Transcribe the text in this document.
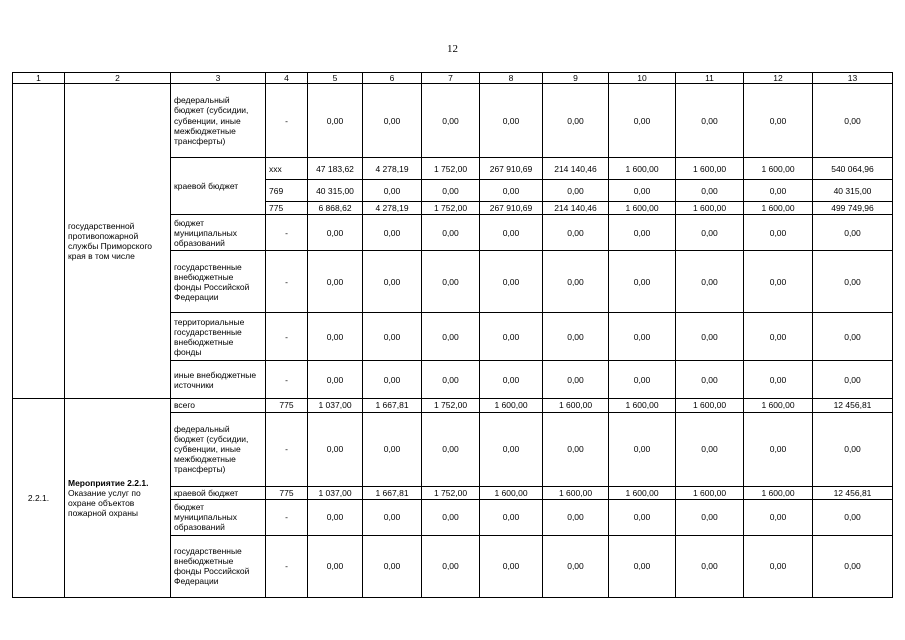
12
1	2	3	4	5	6	7	8	9	10	11	12	13
	государственной противопожарной службы Приморского края в том числе	федеральный бюджет (субсидии, субвенции, иные межбюджетные трансферты)	-	0,00	0,00	0,00	0,00	0,00	0,00	0,00	0,00	0,00
		краевой бюджет	ххх	47 183,62	4 278,19	1 752,00	267 910,69	214 140,46	1 600,00	1 600,00	1 600,00	540 064,96
			769	40 315,00	0,00	0,00	0,00	0,00	0,00	0,00	0,00	40 315,00
			775	6 868,62	4 278,19	1 752,00	267 910,69	214 140,46	1 600,00	1 600,00	1 600,00	499 749,96
		бюджет муниципальных образований	-	0,00	0,00	0,00	0,00	0,00	0,00	0,00	0,00	0,00
		государственные внебюджетные фонды Российской Федерации	-	0,00	0,00	0,00	0,00	0,00	0,00	0,00	0,00	0,00
		территориальные государственные внебюджетные фонды	-	0,00	0,00	0,00	0,00	0,00	0,00	0,00	0,00	0,00
		иные внебюджетные источники	-	0,00	0,00	0,00	0,00	0,00	0,00	0,00	0,00	0,00
2.2.1.	Мероприятие 2.2.1.
Оказание услуг по охране объектов пожарной охраны	всего	775	1 037,00	1 667,81	1 752,00	1 600,00	1 600,00	1 600,00	1 600,00	1 600,00	12 456,81
		федеральный бюджет (субсидии, субвенции, иные межбюджетные трансферты)	-	0,00	0,00	0,00	0,00	0,00	0,00	0,00	0,00	0,00
		краевой бюджет	775	1 037,00	1 667,81	1 752,00	1 600,00	1 600,00	1 600,00	1 600,00	1 600,00	12 456,81
		бюджет муниципальных образований	-	0,00	0,00	0,00	0,00	0,00	0,00	0,00	0,00	0,00
		государственные внебюджетные фонды Российской Федерации	-	0,00	0,00	0,00	0,00	0,00	0,00	0,00	0,00	0,00
